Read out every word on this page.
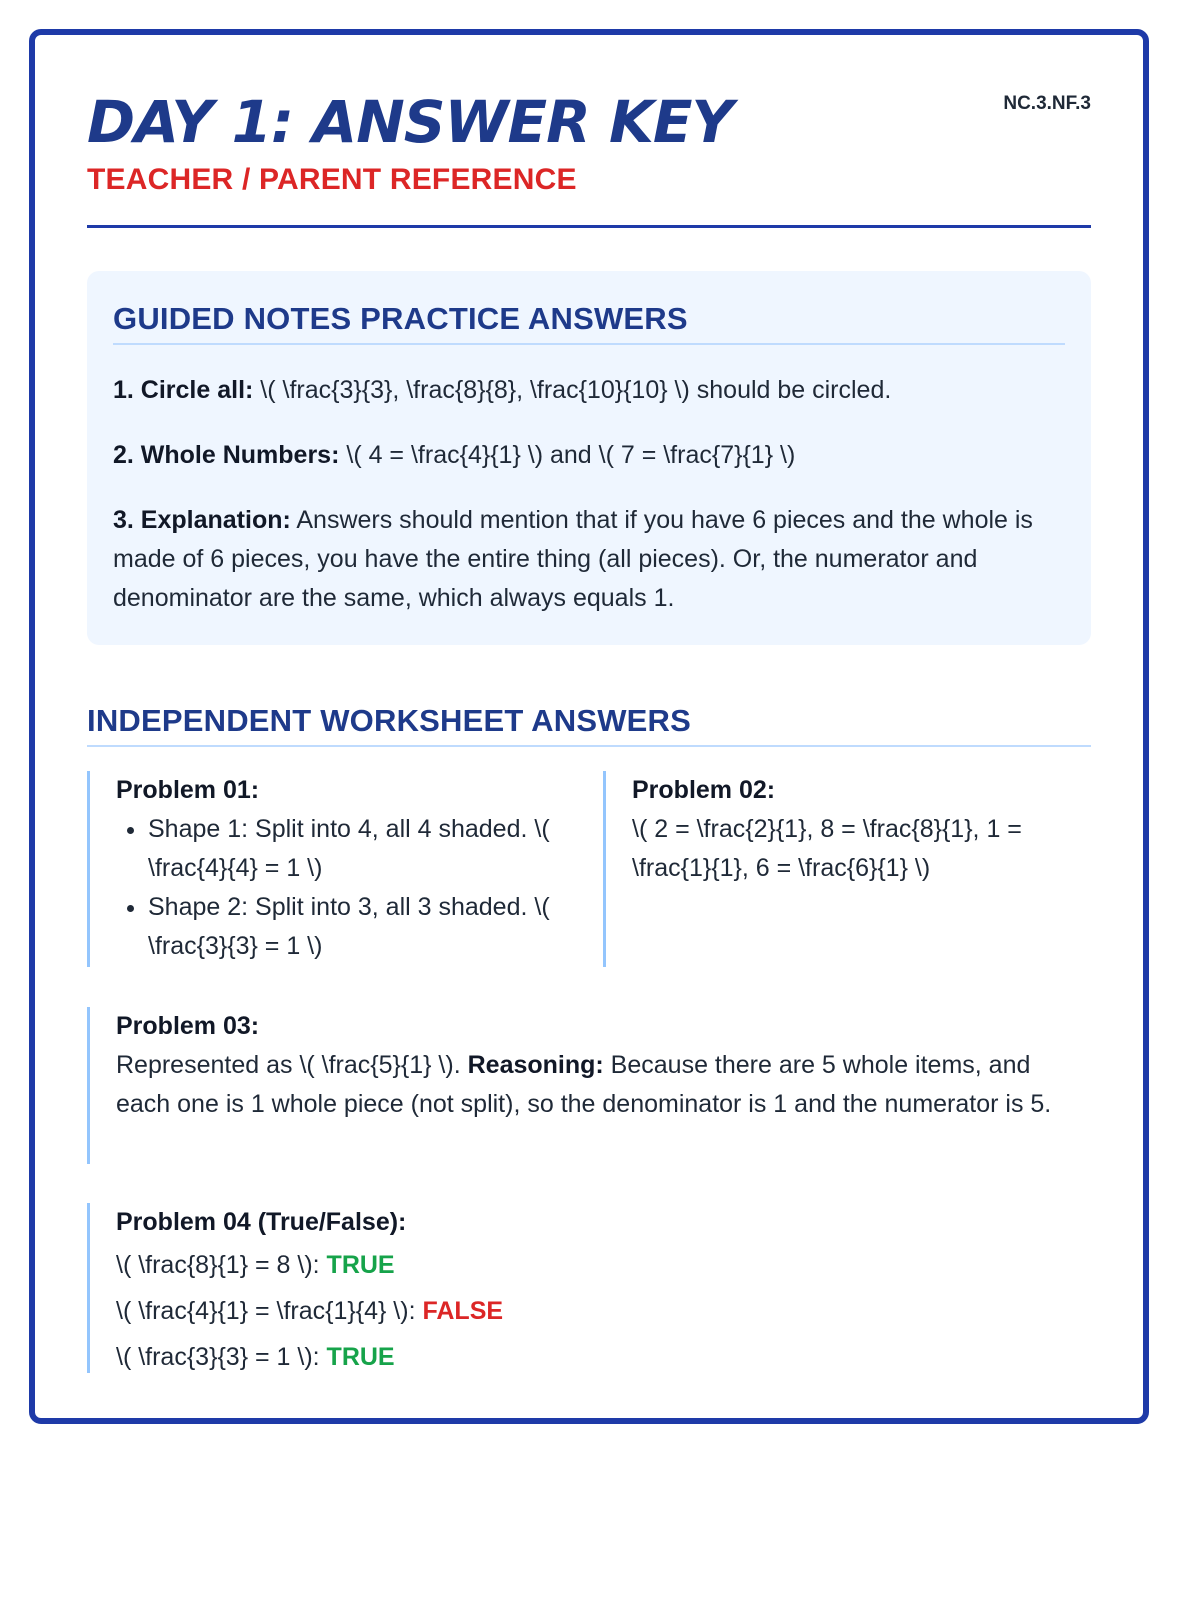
DAY 1: ANSWER KEY	NC.3.NF.3
TEACHER / PARENT REFERENCE
GUIDED NOTES PRACTICE ANSWERS
1. Circle all: \( \frac{3}{3}, \frac{8}{8}, \frac{10}{10} \) should be circled.
2. Whole Numbers: \( 4 = \frac{4}{1} \) and \( 7 = \frac{7}{1} \)
3. Explanation: Answers should mention that if you have 6 pieces and the whole is made of 6 pieces, you have the entire thing (all pieces). Or, the numerator and denominator are the same, which always equals 1.
INDEPENDENT WORKSHEET ANSWERS
Problem 01:
• Shape 1: Split into 4, all 4 shaded. \( \frac{4}{4} = 1 \)
• Shape 2: Split into 3, all 3 shaded. \( \frac{3}{3} = 1 \)
Problem 02:
\( 2 = \frac{2}{1}, 8 = \frac{8}{1}, 1 = \frac{1}{1}, 6 = \frac{6}{1} \)
Problem 03:
Represented as \( \frac{5}{1} \). Reasoning: Because there are 5 whole items, and each one is 1 whole piece (not split), so the denominator is 1 and the numerator is 5.
Problem 04 (True/False):
\( \frac{8}{1} = 8 \): TRUE
\( \frac{4}{1} = \frac{1}{4} \): FALSE
\( \frac{3}{3} = 1 \): TRUE
